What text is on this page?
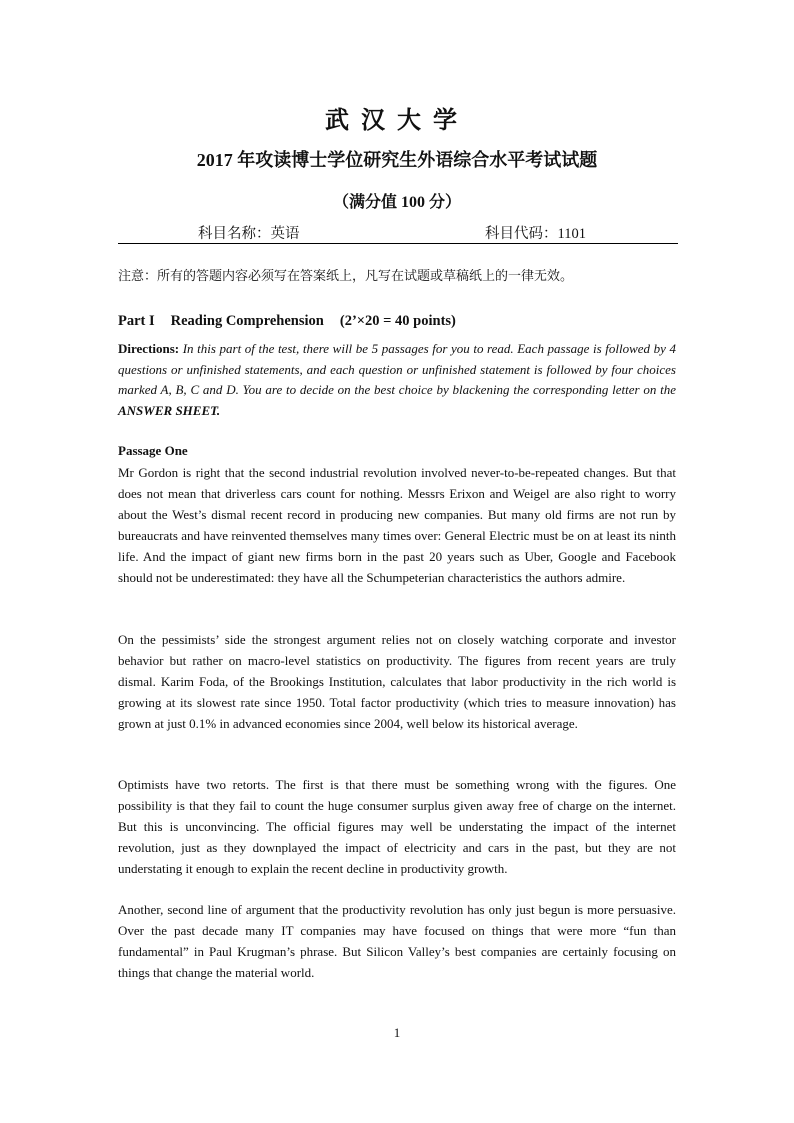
武汉大学
2017 年攻读博士学位研究生外语综合水平考试试题
（满分值 100 分）
科目名称：英语	科目代码：1101
注意：所有的答题内容必须写在答案纸上，凡写在试题或草稿纸上的一律无效。
Part I Reading Comprehension (2’×20 = 40 points)
Directions: In this part of the test, there will be 5 passages for you to read. Each passage is followed by 4 questions or unfinished statements, and each question or unfinished statement is followed by four choices marked A, B, C and D. You are to decide on the best choice by blackening the corresponding letter on the ANSWER SHEET.
Passage One
Mr Gordon is right that the second industrial revolution involved never-to-be-repeated changes. But that does not mean that driverless cars count for nothing. Messrs Erixon and Weigel are also right to worry about the West’s dismal recent record in producing new companies. But many old firms are not run by bureaucrats and have reinvented themselves many times over: General Electric must be on at least its ninth life. And the impact of giant new firms born in the past 20 years such as Uber, Google and Facebook should not be underestimated: they have all the Schumpeterian characteristics the authors admire.
On the pessimists’ side the strongest argument relies not on closely watching corporate and investor behavior but rather on macro-level statistics on productivity. The figures from recent years are truly dismal. Karim Foda, of the Brookings Institution, calculates that labor productivity in the rich world is growing at its slowest rate since 1950. Total factor productivity (which tries to measure innovation) has grown at just 0.1% in advanced economies since 2004, well below its historical average.
Optimists have two retorts. The first is that there must be something wrong with the figures. One possibility is that they fail to count the huge consumer surplus given away free of charge on the internet. But this is unconvincing. The official figures may well be understating the impact of the internet revolution, just as they downplayed the impact of electricity and cars in the past, but they are not understating it enough to explain the recent decline in productivity growth.
Another, second line of argument that the productivity revolution has only just begun is more persuasive. Over the past decade many IT companies may have focused on things that were more “fun than fundamental” in Paul Krugman’s phrase. But Silicon Valley’s best companies are certainly focusing on things that change the material world.
1
